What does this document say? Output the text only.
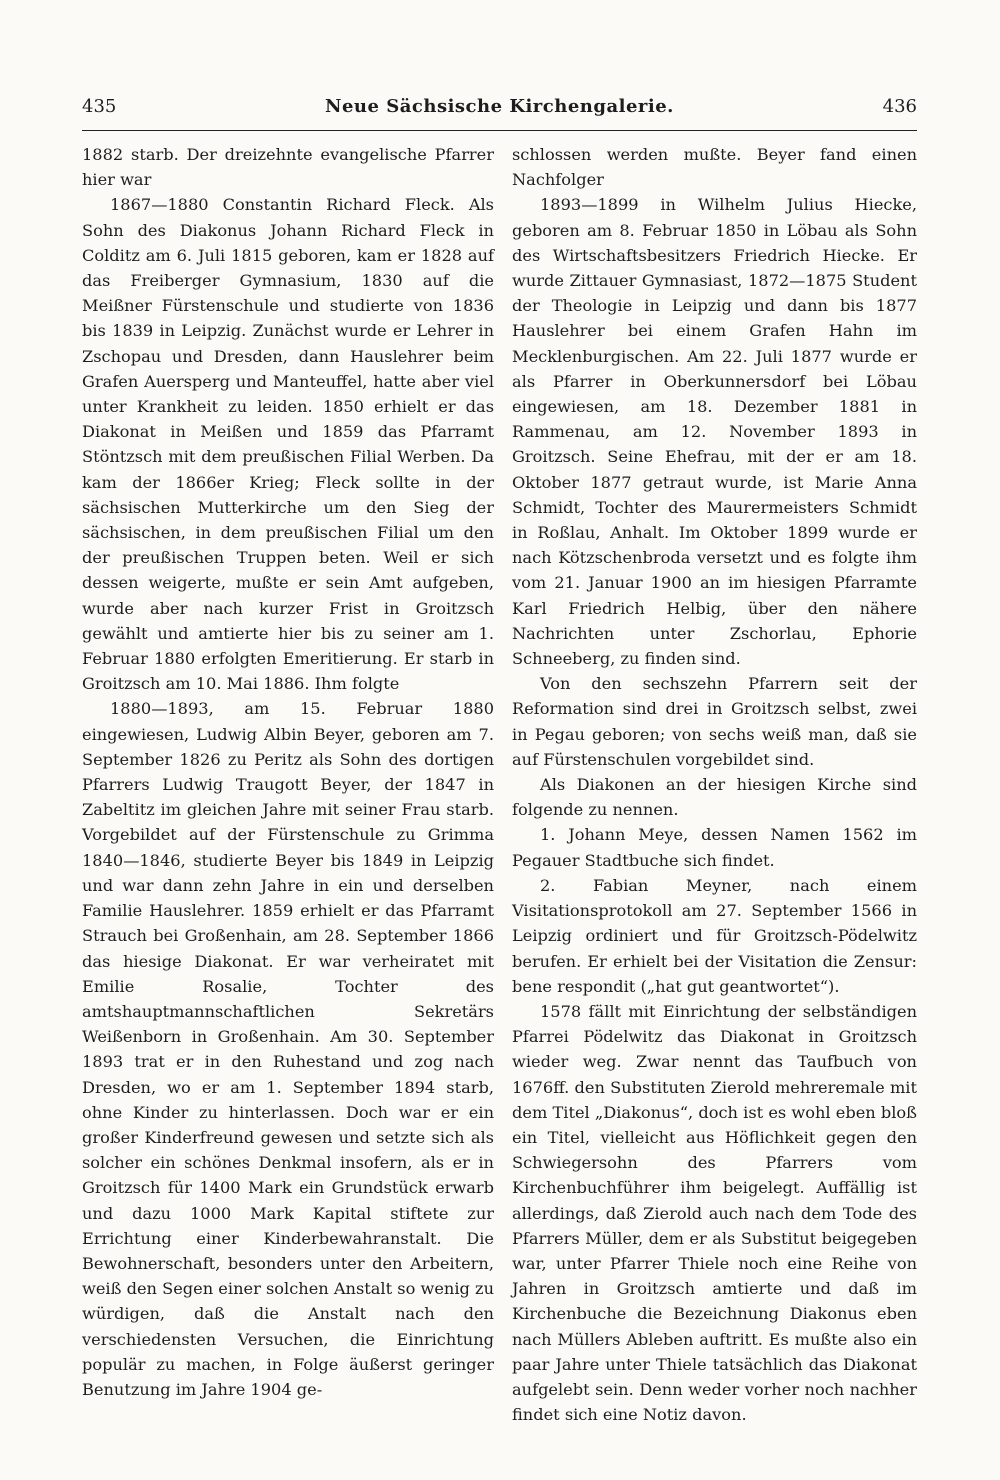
435	Neue Sächsische Kirchengalerie.	436

1882 starb. Der dreizehnte evangelische Pfarrer hier war

1867—1880 Constantin Richard Fleck. Als Sohn des Diakonus Johann Richard Fleck in Colditz am 6. Juli 1815 geboren, kam er 1828 auf das Freiberger Gymnasium, 1830 auf die Meißner Fürstenschule und studierte von 1836 bis 1839 in Leipzig. Zunächst wurde er Lehrer in Zschopau und Dresden, dann Hauslehrer beim Grafen Auersperg und Manteuffel, hatte aber viel unter Krankheit zu leiden. 1850 erhielt er das Diakonat in Meißen und 1859 das Pfarramt Stöntzsch mit dem preußischen Filial Werben. Da kam der 1866er Krieg; Fleck sollte in der sächsischen Mutterkirche um den Sieg der sächsischen, in dem preußischen Filial um den der preußischen Truppen beten. Weil er sich dessen weigerte, mußte er sein Amt aufgeben, wurde aber nach kurzer Frist in Groitzsch gewählt und amtierte hier bis zu seiner am 1. Februar 1880 erfolgten Emeritierung. Er starb in Groitzsch am 10. Mai 1886. Ihm folgte

1880—1893, am 15. Februar 1880 eingewiesen, Ludwig Albin Beyer, geboren am 7. September 1826 zu Peritz als Sohn des dortigen Pfarrers Ludwig Traugott Beyer, der 1847 in Zabeltitz im gleichen Jahre mit seiner Frau starb. Vorgebildet auf der Fürstenschule zu Grimma 1840—1846, studierte Beyer bis 1849 in Leipzig und war dann zehn Jahre in ein und derselben Familie Hauslehrer. 1859 erhielt er das Pfarramt Strauch bei Großenhain, am 28. September 1866 das hiesige Diakonat. Er war verheiratet mit Emilie Rosalie, Tochter des amtshauptmannschaftlichen Sekretärs Weißenborn in Großenhain. Am 30. September 1893 trat er in den Ruhestand und zog nach Dresden, wo er am 1. September 1894 starb, ohne Kinder zu hinterlassen. Doch war er ein großer Kinderfreund gewesen und setzte sich als solcher ein schönes Denkmal insofern, als er in Groitzsch für 1400 Mark ein Grundstück erwarb und dazu 1000 Mark Kapital stiftete zur Errichtung einer Kinderbewahranstalt. Die Bewohnerschaft, besonders unter den Arbeitern, weiß den Segen einer solchen Anstalt so wenig zu würdigen, daß die Anstalt nach den verschiedensten Versuchen, die Einrichtung populär zu machen, in Folge äußerst geringer Benutzung im Jahre 1904 ge-

schlossen werden mußte. Beyer fand einen Nachfolger

1893—1899 in Wilhelm Julius Hiecke, geboren am 8. Februar 1850 in Löbau als Sohn des Wirtschaftsbesitzers Friedrich Hiecke. Er wurde Zittauer Gymnasiast, 1872—1875 Student der Theologie in Leipzig und dann bis 1877 Hauslehrer bei einem Grafen Hahn im Mecklenburgischen. Am 22. Juli 1877 wurde er als Pfarrer in Oberkunnersdorf bei Löbau eingewiesen, am 18. Dezember 1881 in Rammenau, am 12. November 1893 in Groitzsch. Seine Ehefrau, mit der er am 18. Oktober 1877 getraut wurde, ist Marie Anna Schmidt, Tochter des Maurermeisters Schmidt in Roßlau, Anhalt. Im Oktober 1899 wurde er nach Kötzschenbroda versetzt und es folgte ihm vom 21. Januar 1900 an im hiesigen Pfarramte Karl Friedrich Helbig, über den nähere Nachrichten unter Zschorlau, Ephorie Schneeberg, zu finden sind.

Von den sechszehn Pfarrern seit der Reformation sind drei in Groitzsch selbst, zwei in Pegau geboren; von sechs weiß man, daß sie auf Fürstenschulen vorgebildet sind.

Als Diakonen an der hiesigen Kirche sind folgende zu nennen.

1. Johann Meye, dessen Namen 1562 im Pegauer Stadtbuche sich findet.

2. Fabian Meyner, nach einem Visitationsprotokoll am 27. September 1566 in Leipzig ordiniert und für Groitzsch-Pödelwitz berufen. Er erhielt bei der Visitation die Zensur: bene respondit („hat gut geantwortet“).

1578 fällt mit Einrichtung der selbständigen Pfarrei Pödelwitz das Diakonat in Groitzsch wieder weg. Zwar nennt das Taufbuch von 1676ff. den Substituten Zierold mehreremale mit dem Titel „Diakonus“, doch ist es wohl eben bloß ein Titel, vielleicht aus Höflichkeit gegen den Schwiegersohn des Pfarrers vom Kirchenbuchführer ihm beigelegt. Auffällig ist allerdings, daß Zierold auch nach dem Tode des Pfarrers Müller, dem er als Substitut beigegeben war, unter Pfarrer Thiele noch eine Reihe von Jahren in Groitzsch amtierte und daß im Kirchenbuche die Bezeichnung Diakonus eben nach Müllers Ableben auftritt. Es mußte also ein paar Jahre unter Thiele tatsächlich das Diakonat aufgelebt sein. Denn weder vorher noch nachher findet sich eine Notiz davon.
